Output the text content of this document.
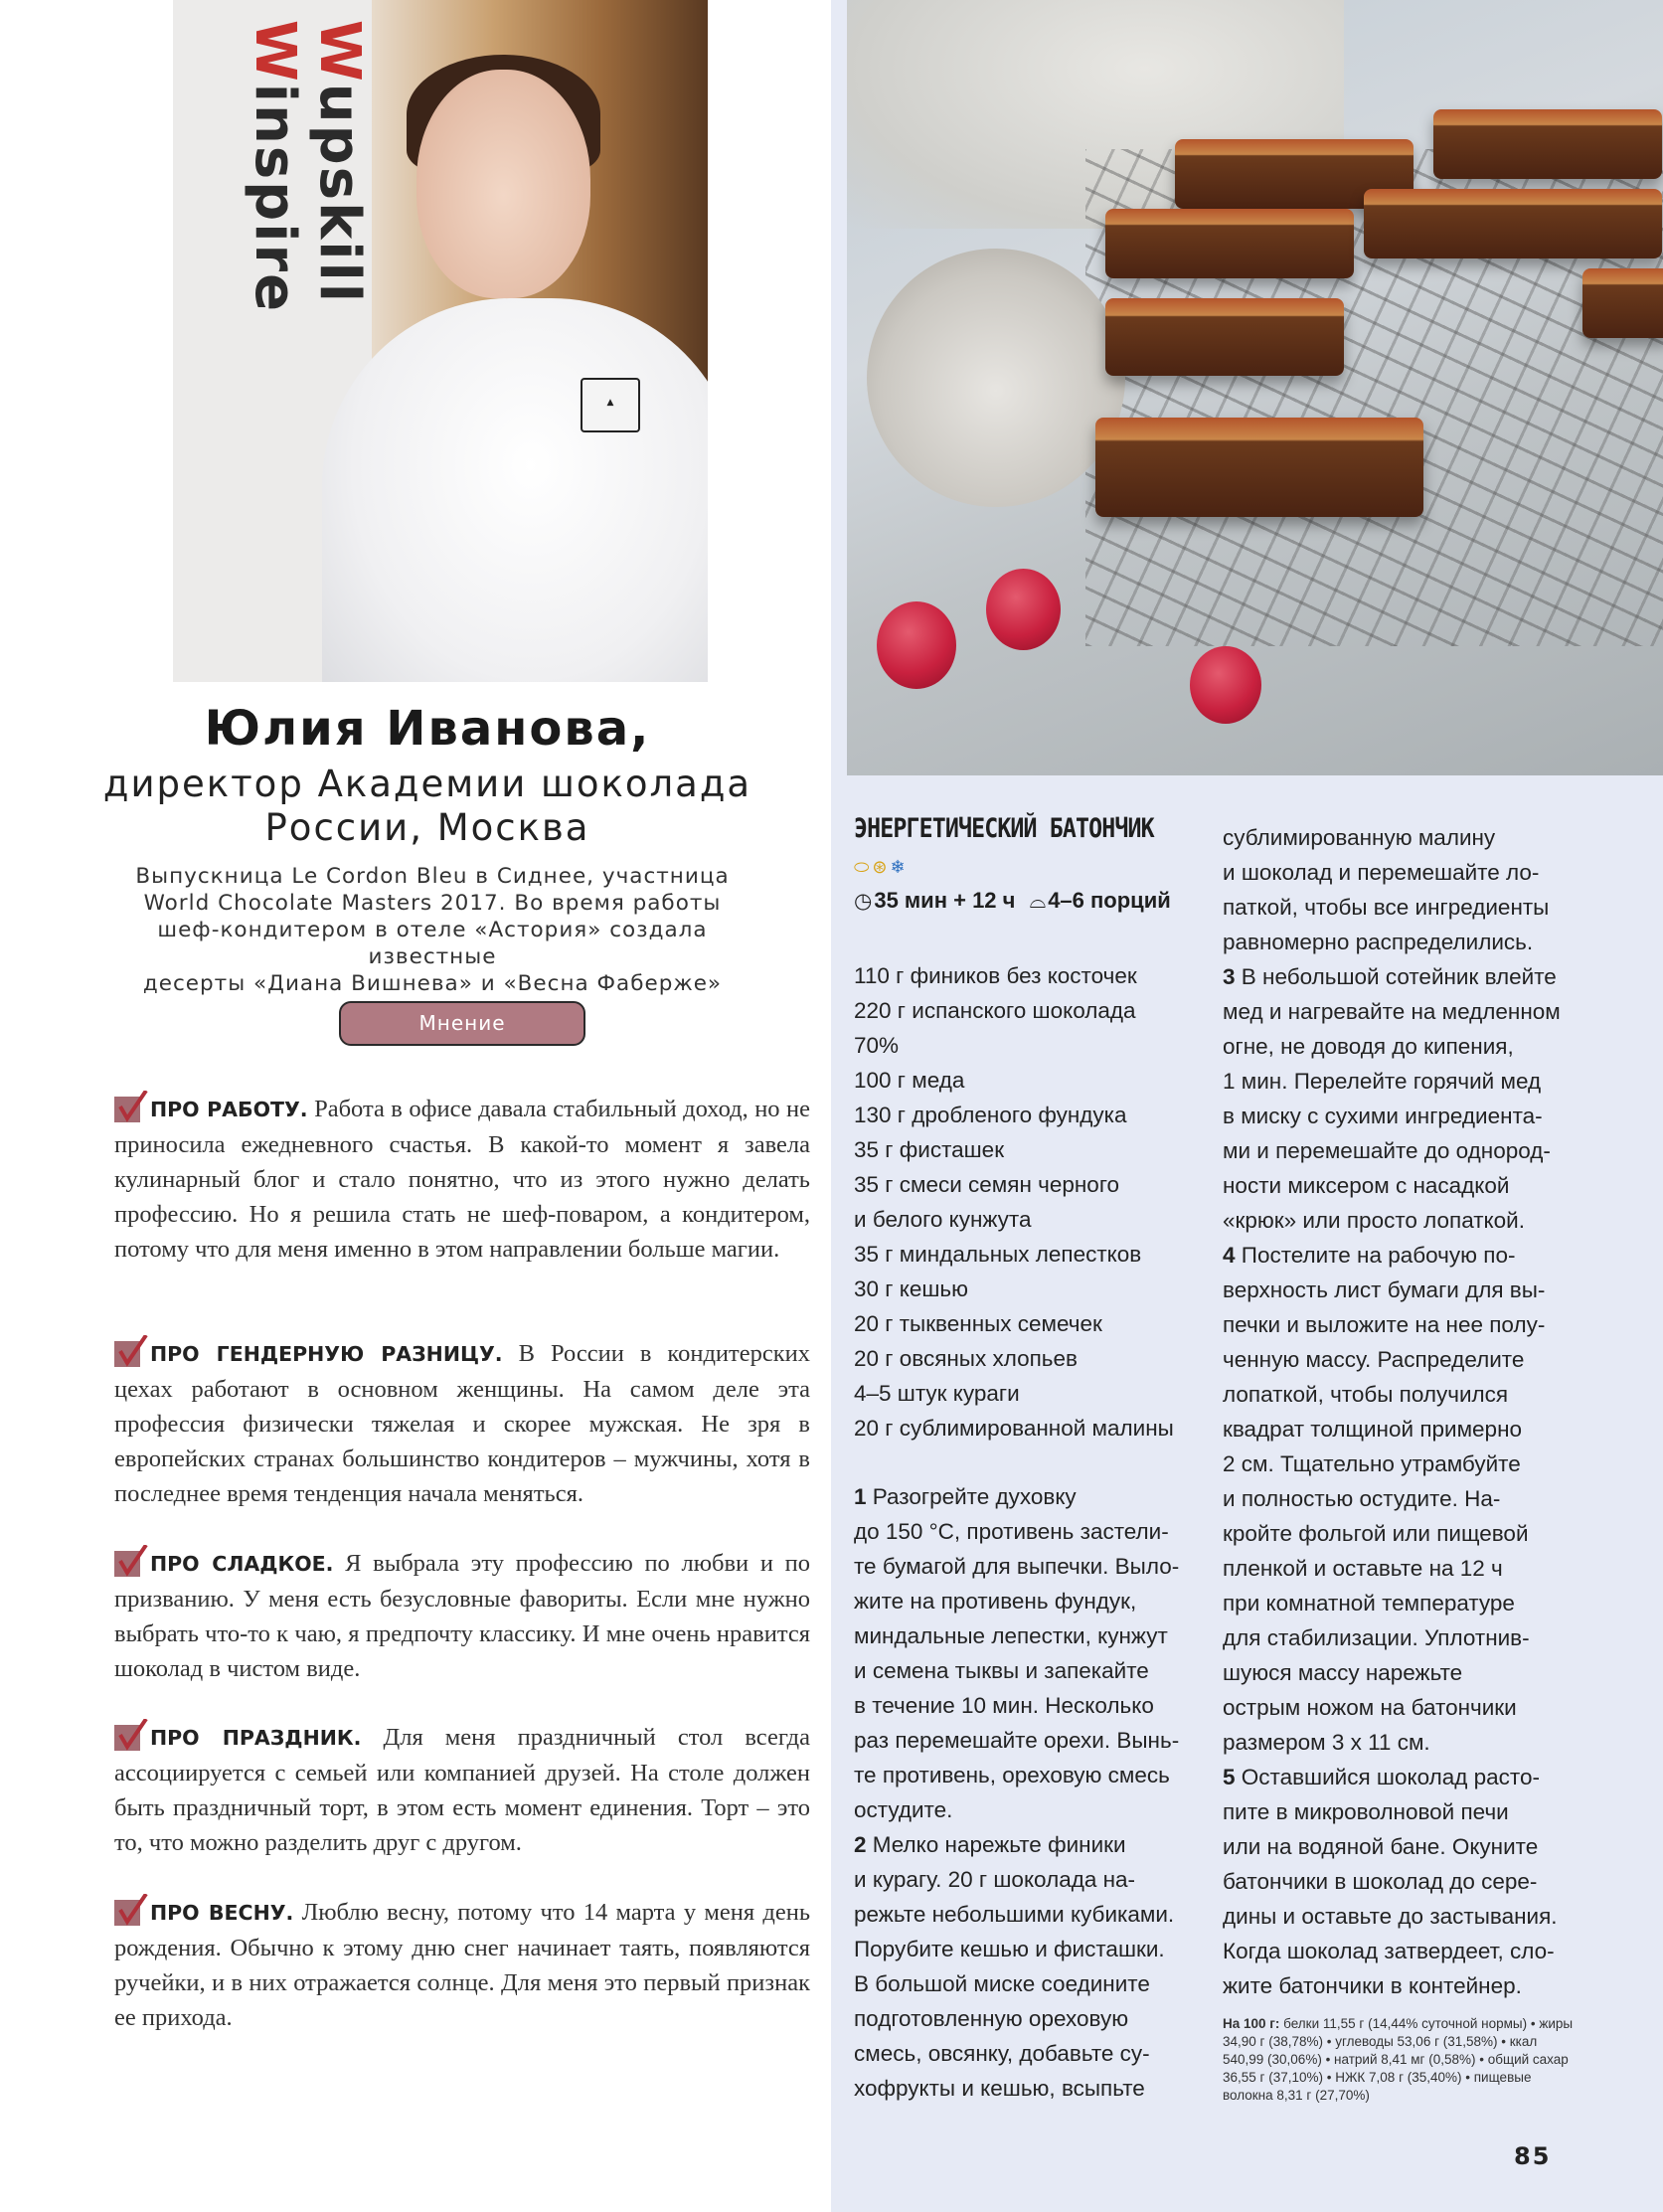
Wupskill Winspire
▲
Юлия Иванова,
директор Академии шоколада
России, Москва
Выпускница Le Cordon Bleu в Сиднее, участница
World Chocolate Masters 2017. Во время работы
шеф-кондитером в отеле «Астория» создала известные
десерты «Диана Вишнева» и «Весна Фаберже»
Мнение
ПРО РАБОТУ. Работа в офисе давала стабильный доход, но не приносила ежедневного счастья. В какой-то момент я завела кулинарный блог и стало понятно, что из этого нужно делать профессию. Но я решила стать не шеф-поваром, а кондитером, потому что для меня именно в этом направлении больше магии.
ПРО ГЕНДЕРНУЮ РАЗНИЦУ. В России в кондитерских цехах работают в основном женщины. На самом деле эта профессия физически тяжелая и скорее мужская. Не зря в европейских странах большинство кондитеров – мужчины, хотя в последнее время тенденция начала меняться.
ПРО СЛАДКОЕ. Я выбрала эту профессию по любви и по призванию. У меня есть безусловные фавориты. Если мне нужно выбрать что-то к чаю, я предпочту классику. И мне очень нравится шоколад в чистом виде.
ПРО ПРАЗДНИК. Для меня праздничный стол всегда ассоциируется с семьей или компанией друзей. На столе должен быть праздничный торт, в этом есть момент единения. Торт – это то, что можно разделить друг с другом.
ПРО ВЕСНУ. Люблю весну, потому что 14 марта у меня день рождения. Обычно к этому дню снег начинает таять, появляются ручейки, и в них отражается солнце. Для меня это первый признак ее прихода.
ЭНЕРГЕТИЧЕСКИЙ БАТОНЧИК
⬭⊛❄
◷35 мин + 12 ч ⌓4–6 порций
110 г фиников без косточек
220 г испанского шоколада
70%
100 г меда
130 г дробленого фундука
35 г фисташек
35 г смеси семян черного
и белого кунжута
35 г миндальных лепестков
30 г кешью
20 г тыквенных семечек
20 г овсяных хлопьев
4–5 штук кураги
20 г сублимированной малины
1 Разогрейте духовку
до 150 °С, противень застели-
те бумагой для выпечки. Выло-
жите на противень фундук,
миндальные лепестки, кунжут
и семена тыквы и запекайте
в течение 10 мин. Несколько
раз перемешайте орехи. Вынь-
те противень, ореховую смесь
остудите.
2 Мелко нарежьте финики
и курагу. 20 г шоколада на-
режьте небольшими кубиками.
Порубите кешью и фисташки.
В большой миске соедините
подготовленную ореховую
смесь, овсянку, добавьте су-
хофрукты и кешью, всыпьте
сублимированную малину
и шоколад и перемешайте ло-
паткой, чтобы все ингредиенты
равномерно распределились.
3 В небольшой сотейник влейте
мед и нагревайте на медленном
огне, не доводя до кипения,
1 мин. Перелейте горячий мед
в миску с сухими ингредиента-
ми и перемешайте до однород-
ности миксером с насадкой
«крюк» или просто лопаткой.
4 Постелите на рабочую по-
верхность лист бумаги для вы-
печки и выложите на нее полу-
ченную массу. Распределите
лопаткой, чтобы получился
квадрат толщиной примерно
2 см. Тщательно утрамбуйте
и полностью остудите. На-
кройте фольгой или пищевой
пленкой и оставьте на 12 ч
при комнатной температуре
для стабилизации. Уплотнив-
шуюся массу нарежьте
острым ножом на батончики
размером 3 х 11 см.
5 Оставшийся шоколад расто-
пите в микроволновой печи
или на водяной бане. Окуните
батончики в шоколад до сере-
дины и оставьте до застывания.
Когда шоколад затвердеет, сло-
жите батончики в контейнер.
На 100 г: белки 11,55 г (14,44% суточной нормы) • жиры 34,90 г (38,78%) • углеводы 53,06 г (31,58%) • ккал 540,99 (30,06%) • натрий 8,41 мг (0,58%) • общий сахар 36,55 г (37,10%) • НЖК 7,08 г (35,40%) • пищевые волокна 8,31 г (27,70%)
85
